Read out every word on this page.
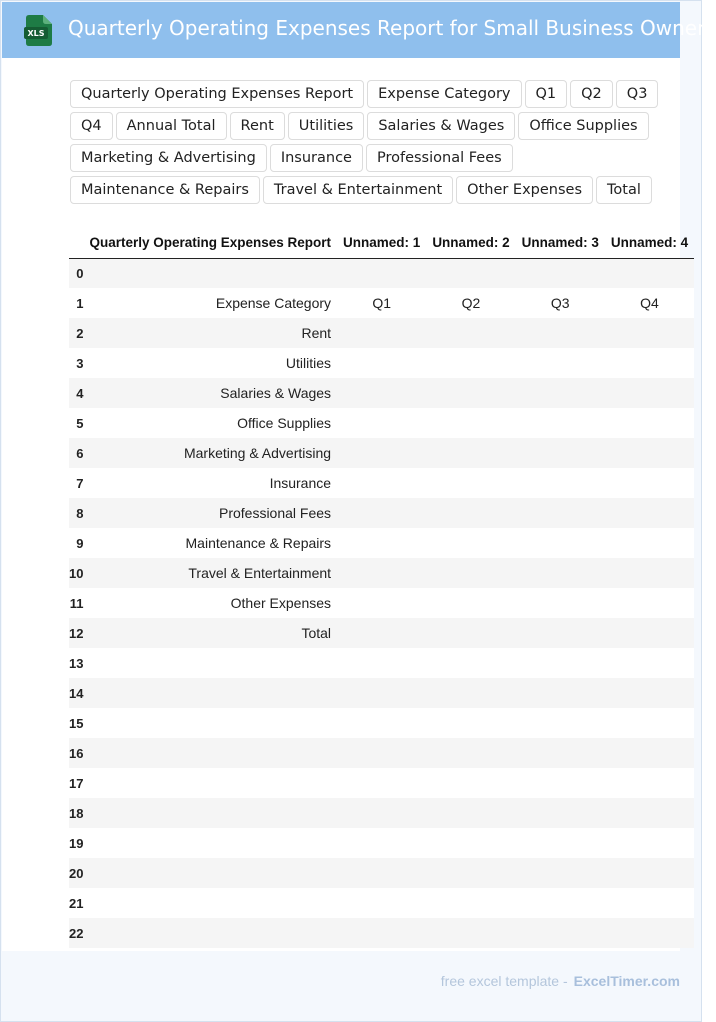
XLS Quarterly Operating Expenses Report for Small Business Owners
Quarterly Operating Expenses Report	Expense Category	Q1	Q2	Q3
Q4	Annual Total	Rent	Utilities	Salaries & Wages	Office Supplies
Marketing & Advertising	Insurance	Professional Fees
Maintenance & Repairs	Travel & Entertainment	Other Expenses	Total
	Quarterly Operating Expenses Report	Unnamed: 1	Unnamed: 2	Unnamed: 3	Unnamed: 4
0					
1	Expense Category	Q1	Q2	Q3	Q4
2	Rent				
3	Utilities				
4	Salaries & Wages				
5	Office Supplies				
6	Marketing & Advertising				
7	Insurance				
8	Professional Fees				
9	Maintenance & Repairs				
10	Travel & Entertainment				
11	Other Expenses				
12	Total				
13					
14					
15					
16					
17					
18					
19					
20					
21					
22					
free excel template - ExcelTimer.com
